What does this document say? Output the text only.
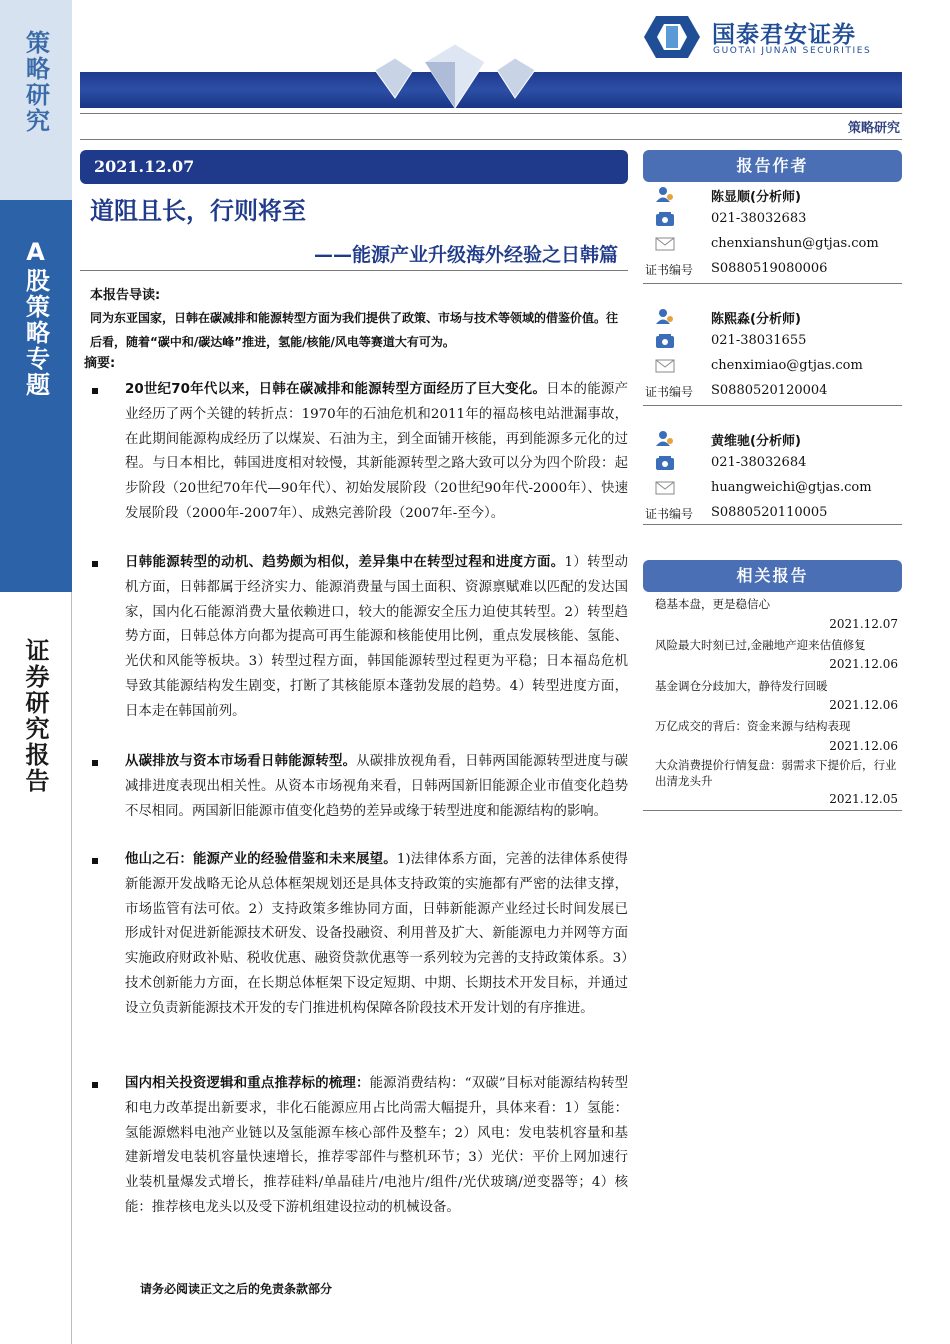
策略研究
A股策略专题
证券研究报告
国泰君安证券
GUOTAI JUNAN SECURITIES
策略研究
2021.12.07
道阻且长，行则将至
——能源产业升级海外经验之日韩篇
本报告导读:
同为东亚国家，日韩在碳减排和能源转型方面为我们提供了政策、市场与技术等领域的借鉴价值。往后看，随着“碳中和/碳达峰”推进，氢能/核能/风电等赛道大有可为。
摘要:
20世纪70年代以来，日韩在碳减排和能源转型方面经历了巨大变化。日本的能源产业经历了两个关键的转折点：1970年的石油危机和2011年的福岛核电站泄漏事故，在此期间能源构成经历了以煤炭、石油为主，到全面铺开核能，再到能源多元化的过程。与日本相比，韩国进度相对较慢，其新能源转型之路大致可以分为四个阶段：起步阶段（20世纪70年代—90年代）、初始发展阶段（20世纪90年代-2000年）、快速发展阶段（2000年-2007年）、成熟完善阶段（2007年-至今）。
日韩能源转型的动机、趋势颇为相似，差异集中在转型过程和进度方面。1）转型动机方面，日韩都属于经济实力、能源消费量与国土面积、资源禀赋难以匹配的发达国家，国内化石能源消费大量依赖进口，较大的能源安全压力迫使其转型。2）转型趋势方面，日韩总体方向都为提高可再生能源和核能使用比例，重点发展核能、氢能、光伏和风能等板块。3）转型过程方面，韩国能源转型过程更为平稳；日本福岛危机导致其能源结构发生剧变，打断了其核能原本蓬勃发展的趋势。4）转型进度方面，日本走在韩国前列。
从碳排放与资本市场看日韩能源转型。从碳排放视角看，日韩两国能源转型进度与碳减排进度表现出相关性。从资本市场视角来看，日韩两国新旧能源企业市值变化趋势不尽相同。两国新旧能源市值变化趋势的差异或缘于转型进度和能源结构的影响。
他山之石：能源产业的经验借鉴和未来展望。1)法律体系方面，完善的法律体系使得新能源开发战略无论从总体框架规划还是具体支持政策的实施都有严密的法律支撑，市场监管有法可依。2）支持政策多维协同方面，日韩新能源产业经过长时间发展已形成针对促进新能源技术研发、设备投融资、利用普及扩大、新能源电力并网等方面实施政府财政补贴、税收优惠、融资贷款优惠等一系列较为完善的支持政策体系。3）技术创新能力方面，在长期总体框架下设定短期、中期、长期技术开发目标，并通过设立负责新能源技术开发的专门推进机构保障各阶段技术开发计划的有序推进。
国内相关投资逻辑和重点推荐标的梳理：能源消费结构：“双碳”目标对能源结构转型和电力改革提出新要求，非化石能源应用占比尚需大幅提升，具体来看：1）氢能：氢能源燃料电池产业链以及氢能源车核心部件及整车；2）风电：发电装机容量和基建新增发电装机容量快速增长，推荐零部件与整机环节；3）光伏：平价上网加速行业装机量爆发式增长，推荐硅料/单晶硅片/电池片/组件/光伏玻璃/逆变器等；4）核能：推荐核电龙头以及受下游机组建设拉动的机械设备。
请务必阅读正文之后的免责条款部分
报告作者
陈显顺(分析师)
021-38032683
chenxianshun@gtjas.com
证书编号 S0880519080006
陈熙淼(分析师)
021-38031655
chenximiao@gtjas.com
证书编号 S0880520120004
黄维驰(分析师)
021-38032684
huangweichi@gtjas.com
证书编号 S0880520110005
相关报告
稳基本盘，更是稳信心
2021.12.07
风险最大时刻已过,金融地产迎来估值修复
2021.12.06
基金调仓分歧加大，静待发行回暖
2021.12.06
万亿成交的背后：资金来源与结构表现
2021.12.06
大众消费提价行情复盘：弱需求下提价后，行业出清龙头升
2021.12.05
